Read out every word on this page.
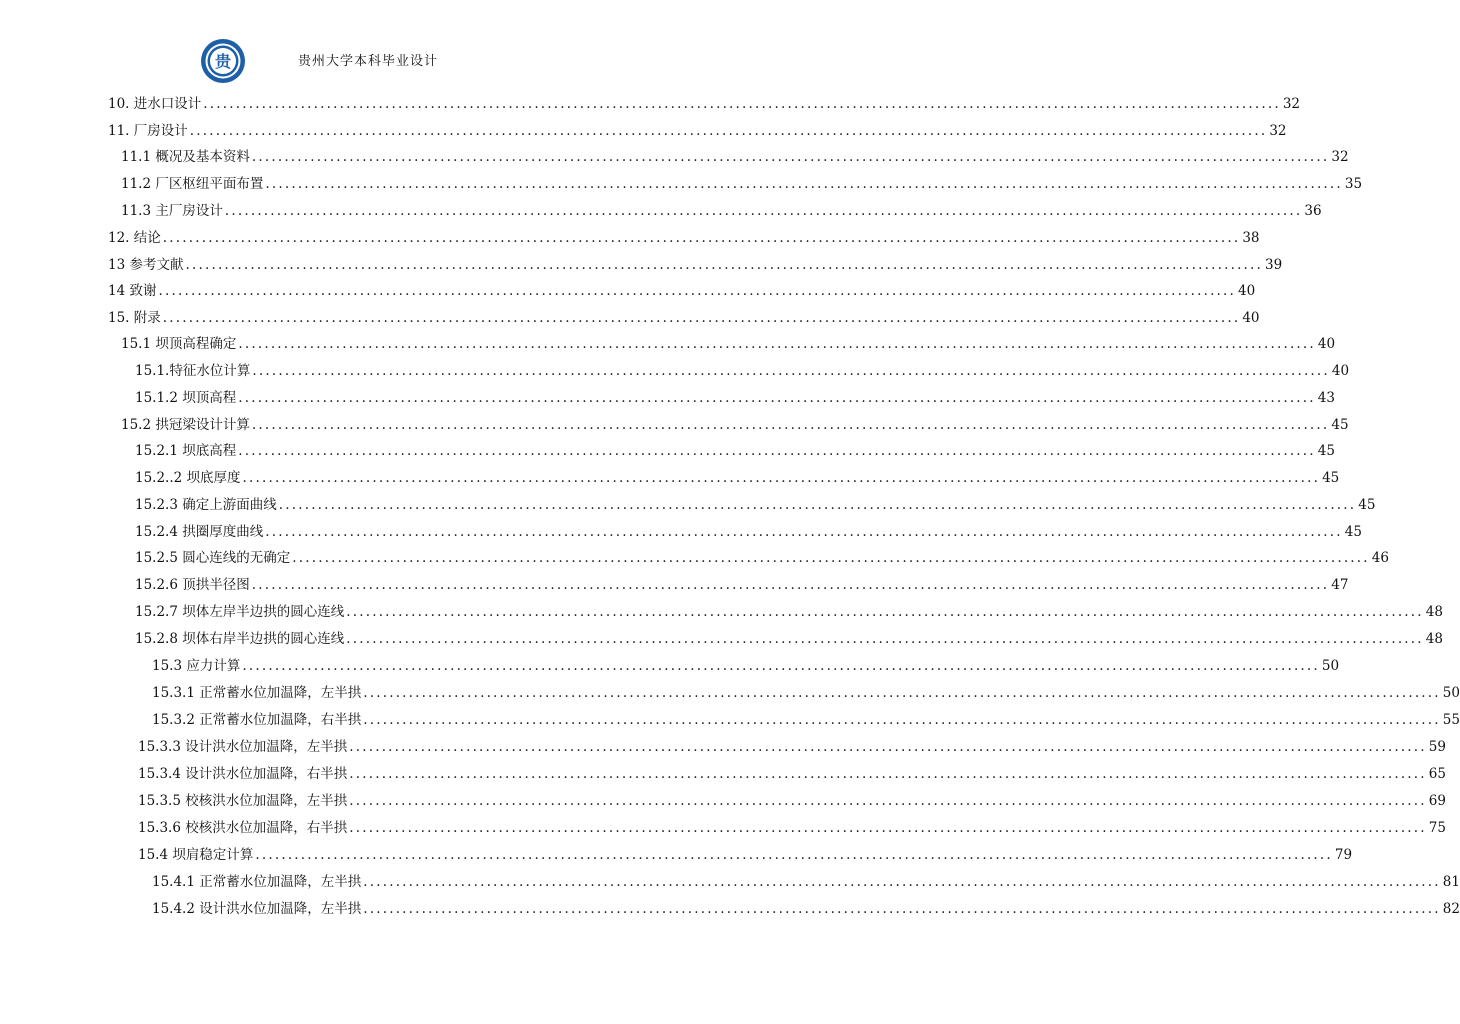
贵	贵州大学本科毕业设计
10. 进水口设计 ...................................................................................................................................................................... 32
11. 厂房设计 ...................................................................................................................................................................... 32
11.1 概况及基本资料 ...................................................................................................................................................................... 32
11.2 厂区枢纽平面布置 ...................................................................................................................................................................... 35
11.3 主厂房设计 ...................................................................................................................................................................... 36
12. 结论 ...................................................................................................................................................................... 38
13 参考文献 ...................................................................................................................................................................... 39
14 致谢 ...................................................................................................................................................................... 40
15. 附录 ...................................................................................................................................................................... 40
15.1 坝顶高程确定 ...................................................................................................................................................................... 40
15.1.特征水位计算 ...................................................................................................................................................................... 40
15.1.2 坝顶高程 ...................................................................................................................................................................... 43
15.2 拱冠梁设计计算 ...................................................................................................................................................................... 45
15.2.1 坝底高程 ...................................................................................................................................................................... 45
15.2..2 坝底厚度 ...................................................................................................................................................................... 45
15.2.3 确定上游面曲线 ...................................................................................................................................................................... 45
15.2.4 拱圈厚度曲线 ...................................................................................................................................................................... 45
15.2.5 圆心连线的无确定 ...................................................................................................................................................................... 46
15.2.6 顶拱半径图 ...................................................................................................................................................................... 47
15.2.7 坝体左岸半边拱的圆心连线 ...................................................................................................................................................................... 48
15.2.8 坝体右岸半边拱的圆心连线 ...................................................................................................................................................................... 48
15.3 应力计算 ...................................................................................................................................................................... 50
15.3.1 正常蓄水位加温降，左半拱 ...................................................................................................................................................................... 50
15.3.2 正常蓄水位加温降，右半拱 ...................................................................................................................................................................... 55
15.3.3 设计洪水位加温降，左半拱 ...................................................................................................................................................................... 59
15.3.4 设计洪水位加温降，右半拱 ...................................................................................................................................................................... 65
15.3.5 校核洪水位加温降，左半拱 ...................................................................................................................................................................... 69
15.3.6 校核洪水位加温降，右半拱 ...................................................................................................................................................................... 75
15.4 坝肩稳定计算 ...................................................................................................................................................................... 79
15.4.1 正常蓄水位加温降，左半拱 ...................................................................................................................................................................... 81
15.4.2 设计洪水位加温降，左半拱 ...................................................................................................................................................................... 82
